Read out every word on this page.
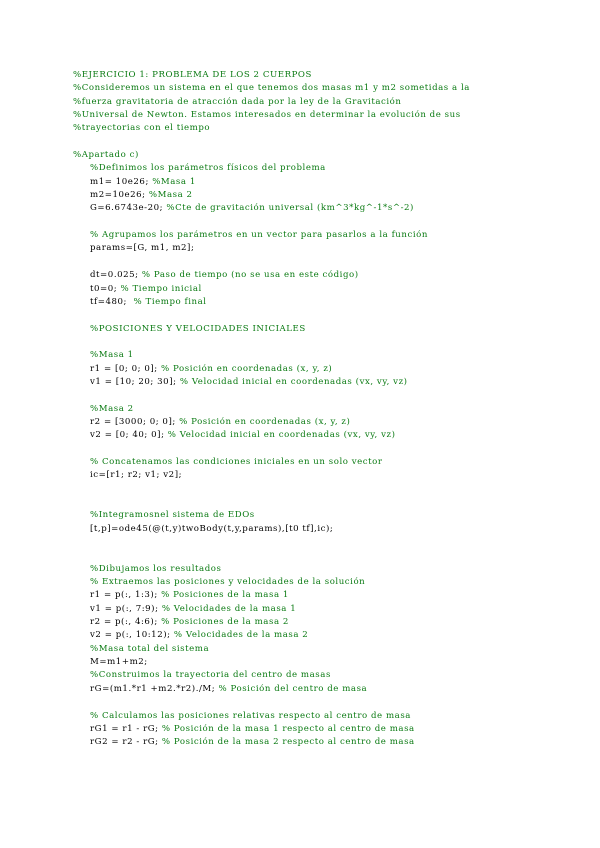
%EJERCICIO 1: PROBLEMA DE LOS 2 CUERPOS
%Consideremos un sistema en el que tenemos dos masas m1 y m2 sometidas a la
%fuerza gravitatoria de atracción dada por la ley de la Gravitación
%Universal de Newton. Estamos interesados en determinar la evolución de sus
%trayectorias con el tiempo
%Apartado c)
%Definimos los parámetros físicos del problema
m1= 10e26; %Masa 1
m2=10e26; %Masa 2
G=6.6743e-20; %Cte de gravitación universal (km^3*kg^-1*s^-2)
% Agrupamos los parámetros en un vector para pasarlos a la función
params=[G, m1, m2];
dt=0.025; % Paso de tiempo (no se usa en este código)
t0=0; % Tiempo inicial
tf=480;  % Tiempo final
%POSICIONES Y VELOCIDADES INICIALES
%Masa 1
r1 = [0; 0; 0]; % Posición en coordenadas (x, y, z)
v1 = [10; 20; 30]; % Velocidad inicial en coordenadas (vx, vy, vz)
%Masa 2
r2 = [3000; 0; 0]; % Posición en coordenadas (x, y, z)
v2 = [0; 40; 0]; % Velocidad inicial en coordenadas (vx, vy, vz)
% Concatenamos las condiciones iniciales en un solo vector
ic=[r1; r2; v1; v2];
%Integramosnel sistema de EDOs
[t,p]=ode45(@(t,y)twoBody(t,y,params),[t0 tf],ic);
%Dibujamos los resultados
% Extraemos las posiciones y velocidades de la solución
r1 = p(:, 1:3); % Posiciones de la masa 1
v1 = p(:, 7:9); % Velocidades de la masa 1
r2 = p(:, 4:6); % Posiciones de la masa 2
v2 = p(:, 10:12); % Velocidades de la masa 2
%Masa total del sistema
M=m1+m2;
%Construimos la trayectoria del centro de masas
rG=(m1.*r1 +m2.*r2)./M; % Posición del centro de masa
% Calculamos las posiciones relativas respecto al centro de masa
rG1 = r1 - rG; % Posición de la masa 1 respecto al centro de masa
rG2 = r2 - rG; % Posición de la masa 2 respecto al centro de masa
